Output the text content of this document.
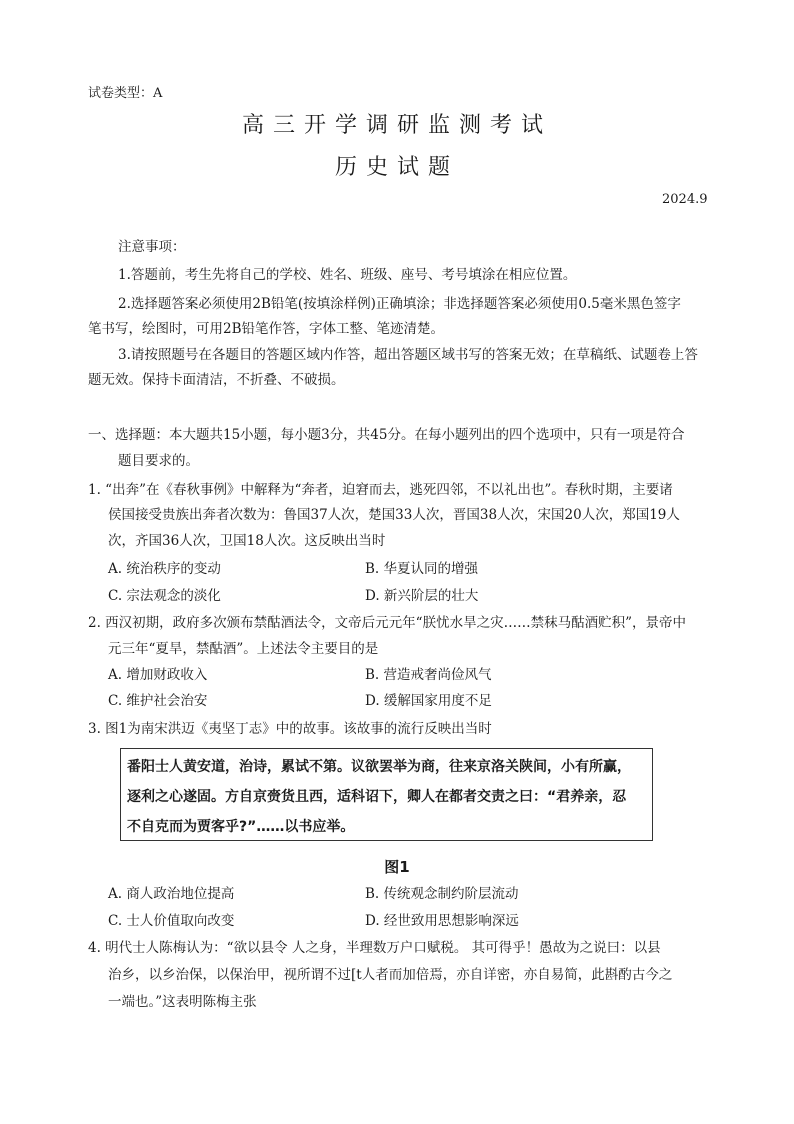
试卷类型：A
高三开学调研监测考试
历史试题
2024.9
注意事项：
1.答题前，考生先将自己的学校、姓名、班级、座号、考号填涂在相应位置。
2.选择题答案必须使用2B铅笔(按填涂样例)正确填涂；非选择题答案必须使用0.5毫米黑色签字
笔书写，绘图时，可用2B铅笔作答，字体工整、笔迹清楚。
3.请按照题号在各题目的答题区域内作答，超出答题区域书写的答案无效；在草稿纸、试题卷上答
题无效。保持卡面清洁，不折叠、不破损。
一、选择题：本大题共15小题，每小题3分，共45分。在每小题列出的四个选项中，只有一项是符合
题目要求的。
1. “出奔”在《春秋事例》中解释为“奔者，迫窘而去，逃死四邻，不以礼出也”。春秋时期，主要诸
侯国接受贵族出奔者次数为：鲁国37人次，楚国33人次，晋国38人次，宋国20人次，郑国19人
次，齐国36人次，卫国18人次。这反映出当时
A. 统治秩序的变动	B. 华夏认同的增强
C. 宗法观念的淡化	D. 新兴阶层的壮大
2. 西汉初期，政府多次颁布禁酤酒法令，文帝后元元年“朕忧水旱之灾……禁秣马酤酒贮积”，景帝中
元三年“夏旱，禁酤酒”。上述法令主要目的是
A. 增加财政收入	B. 营造戒奢尚俭风气
C. 维护社会治安	D. 缓解国家用度不足
3. 图1为南宋洪迈《夷坚丁志》中的故事。该故事的流行反映出当时
番阳士人黄安道，治诗，累试不第。议欲罢举为商，往来京洛关陕间，小有所赢，
逐利之心遂固。方自京赍货且西，适科诏下，卿人在都者交责之曰：“君养亲，忍
不自克而为贾客乎?”……以书应举。
图1
A. 商人政治地位提高	B. 传统观念制约阶层流动
C. 士人价值取向改变	D. 经世致用思想影响深远
4. 明代士人陈梅认为：“欲以县令 人之身，半理数万户口赋税。 其可得乎！愚故为之说曰：以县
治乡，以乡治保，以保治甲，视所谓不过[t人者而加倍焉，亦自详密，亦自易简，此斟酌古今之
一端也。”这表明陈梅主张
